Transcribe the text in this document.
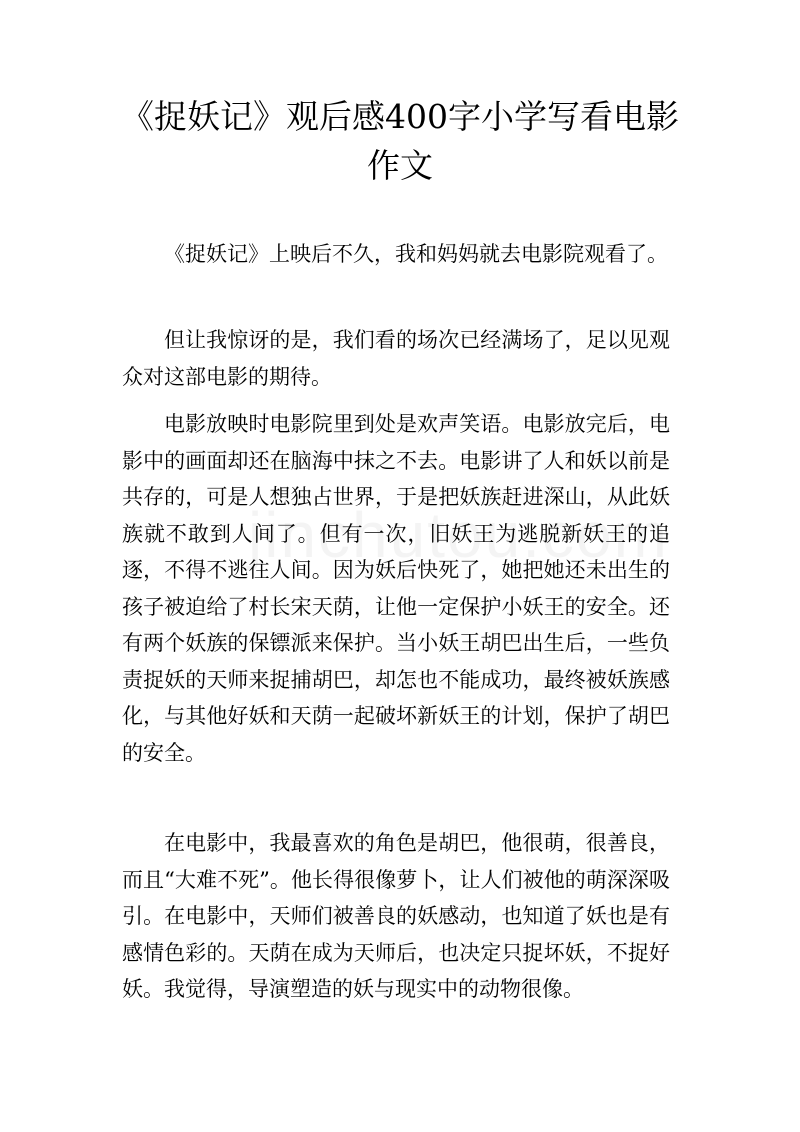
《捉妖记》观后感400字小学写看电影作文

《捉妖记》上映后不久，我和妈妈就去电影院观看了。

但让我惊讶的是，我们看的场次已经满场了，足以见观众对这部电影的期待。

电影放映时电影院里到处是欢声笑语。电影放完后，电影中的画面却还在脑海中抹之不去。电影讲了人和妖以前是共存的，可是人想独占世界，于是把妖族赶进深山，从此妖族就不敢到人间了。但有一次，旧妖王为逃脱新妖王的追逐，不得不逃往人间。因为妖后快死了，她把她还未出生的孩子被迫给了村长宋天荫，让他一定保护小妖王的安全。还有两个妖族的保镖派来保护。当小妖王胡巴出生后，一些负责捉妖的天师来捉捕胡巴，却怎也不能成功，最终被妖族感化，与其他好妖和天荫一起破坏新妖王的计划，保护了胡巴的安全。

在电影中，我最喜欢的角色是胡巴，他很萌，很善良，而且“大难不死”。他长得很像萝卜，让人们被他的萌深深吸引。在电影中，天师们被善良的妖感动，也知道了妖也是有感情色彩的。天荫在成为天师后，也决定只捉坏妖，不捉好妖。我觉得，导演塑造的妖与现实中的动物很像。
